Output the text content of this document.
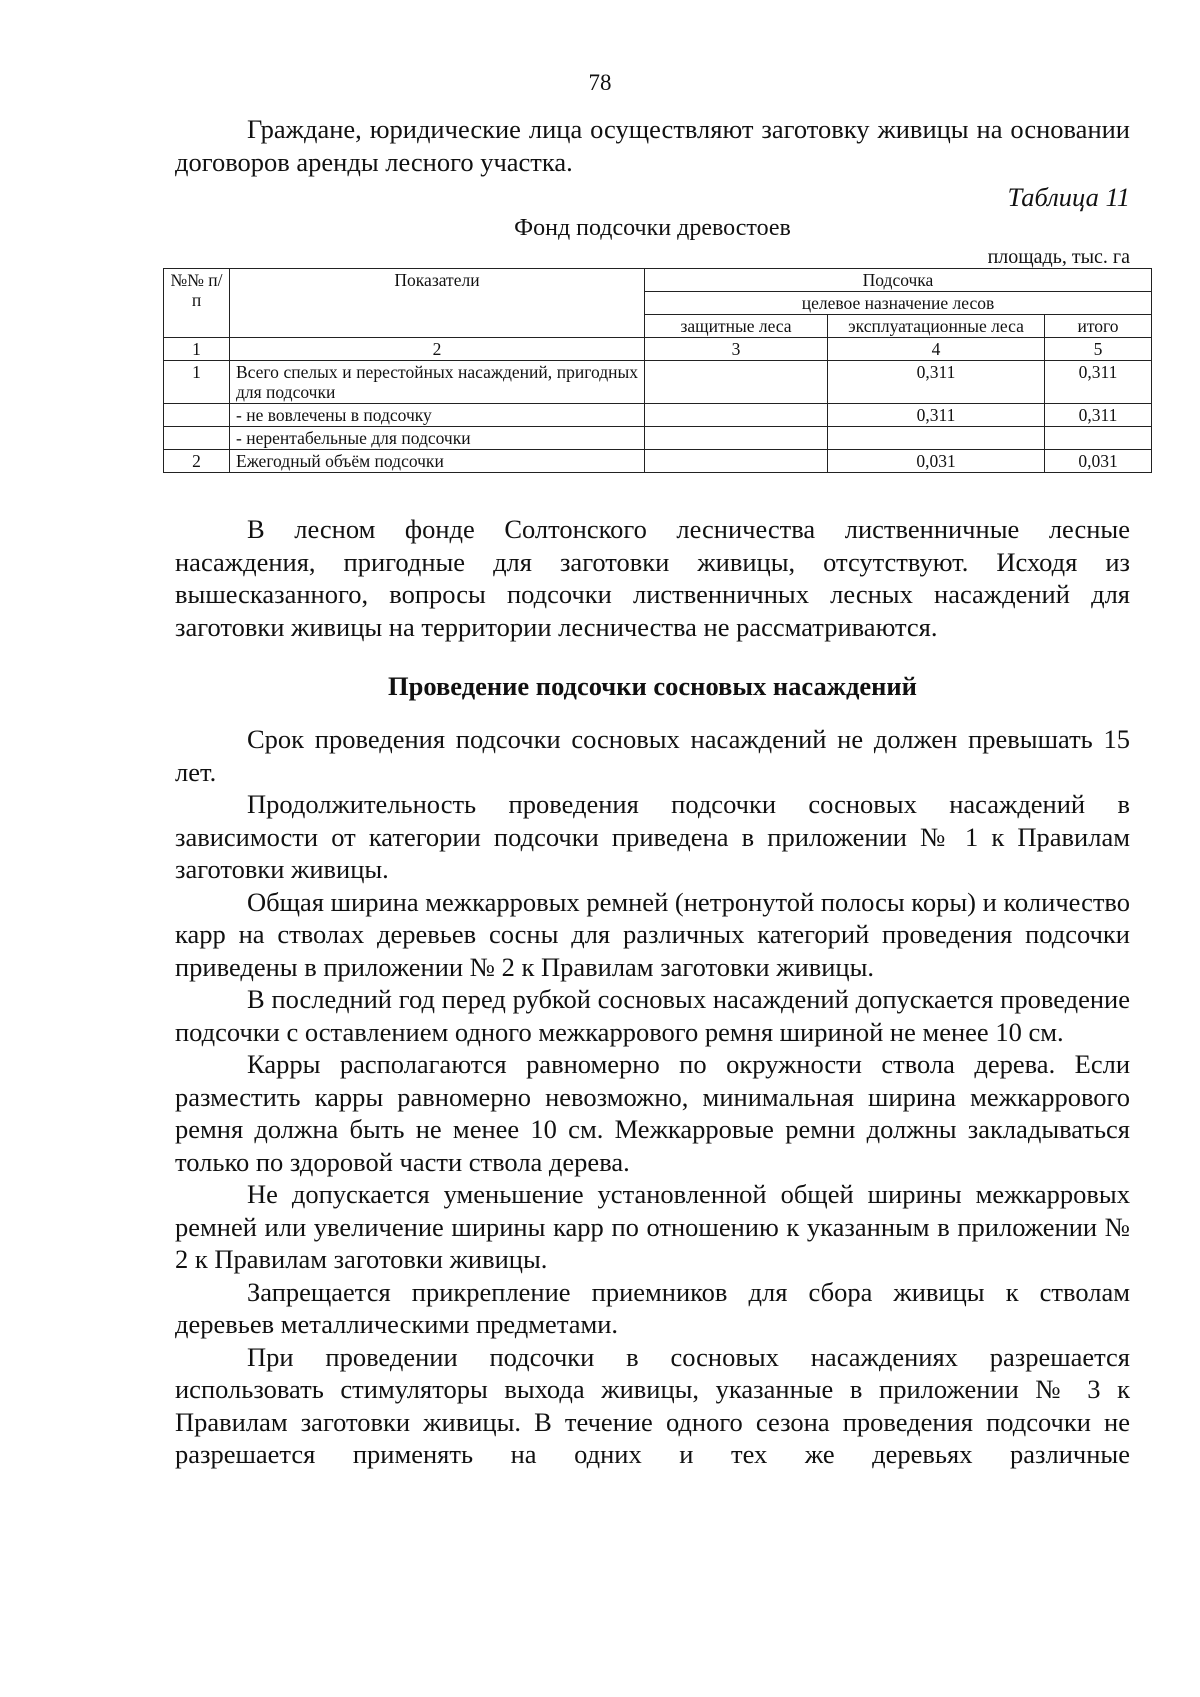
78

Граждане, юридические лица осуществляют заготовку живицы на основании договоров аренды лесного участка.

Таблица 11
Фонд подсочки древостоев
площадь, тыс. га
№№ п/п	Показатели	Подсочка		
		целевое назначение лесов		
		защитные леса	эксплуатационные леса	итого
1	2	3	4	5
1	Всего спелых и перестойных насаждений, пригодных для подсочки		0,311	0,311
	- не вовлечены в подсочку		0,311	0,311
	- нерентабельные для подсочки			
2	Ежегодный объём подсочки		0,031	0,031

В лесном фонде Солтонского лесничества лиственничные лесные насаждения, пригодные для заготовки живицы, отсутствуют. Исходя из вышесказанного, вопросы подсочки лиственничных лесных насаждений для заготовки живицы на территории лесничества не рассматриваются.

Проведение подсочки сосновых насаждений

Срок проведения подсочки сосновых насаждений не должен превышать 15 лет.

Продолжительность проведения подсочки сосновых насаждений в зависимости от категории подсочки приведена в приложении № 1 к Правилам заготовки живицы.

Общая ширина межкарровых ремней (нетронутой полосы коры) и количество карр на стволах деревьев сосны для различных категорий проведения подсочки приведены в приложении № 2 к Правилам заготовки живицы.

В последний год перед рубкой сосновых насаждений допускается проведение подсочки с оставлением одного межкаррового ремня шириной не менее 10 см.

Карры располагаются равномерно по окружности ствола дерева. Если разместить карры равномерно невозможно, минимальная ширина межкаррового ремня должна быть не менее 10 см. Межкарровые ремни должны закладываться только по здоровой части ствола дерева.

Не допускается уменьшение установленной общей ширины межкарровых ремней или увеличение ширины карр по отношению к указанным в приложении № 2 к Правилам заготовки живицы.

Запрещается прикрепление приемников для сбора живицы к стволам деревьев металлическими предметами.

При проведении подсочки в сосновых насаждениях разрешается использовать стимуляторы выхода живицы, указанные в приложении № 3 к Правилам заготовки живицы. В течение одного сезона проведения подсочки не разрешается применять на одних и тех же деревьях различные
